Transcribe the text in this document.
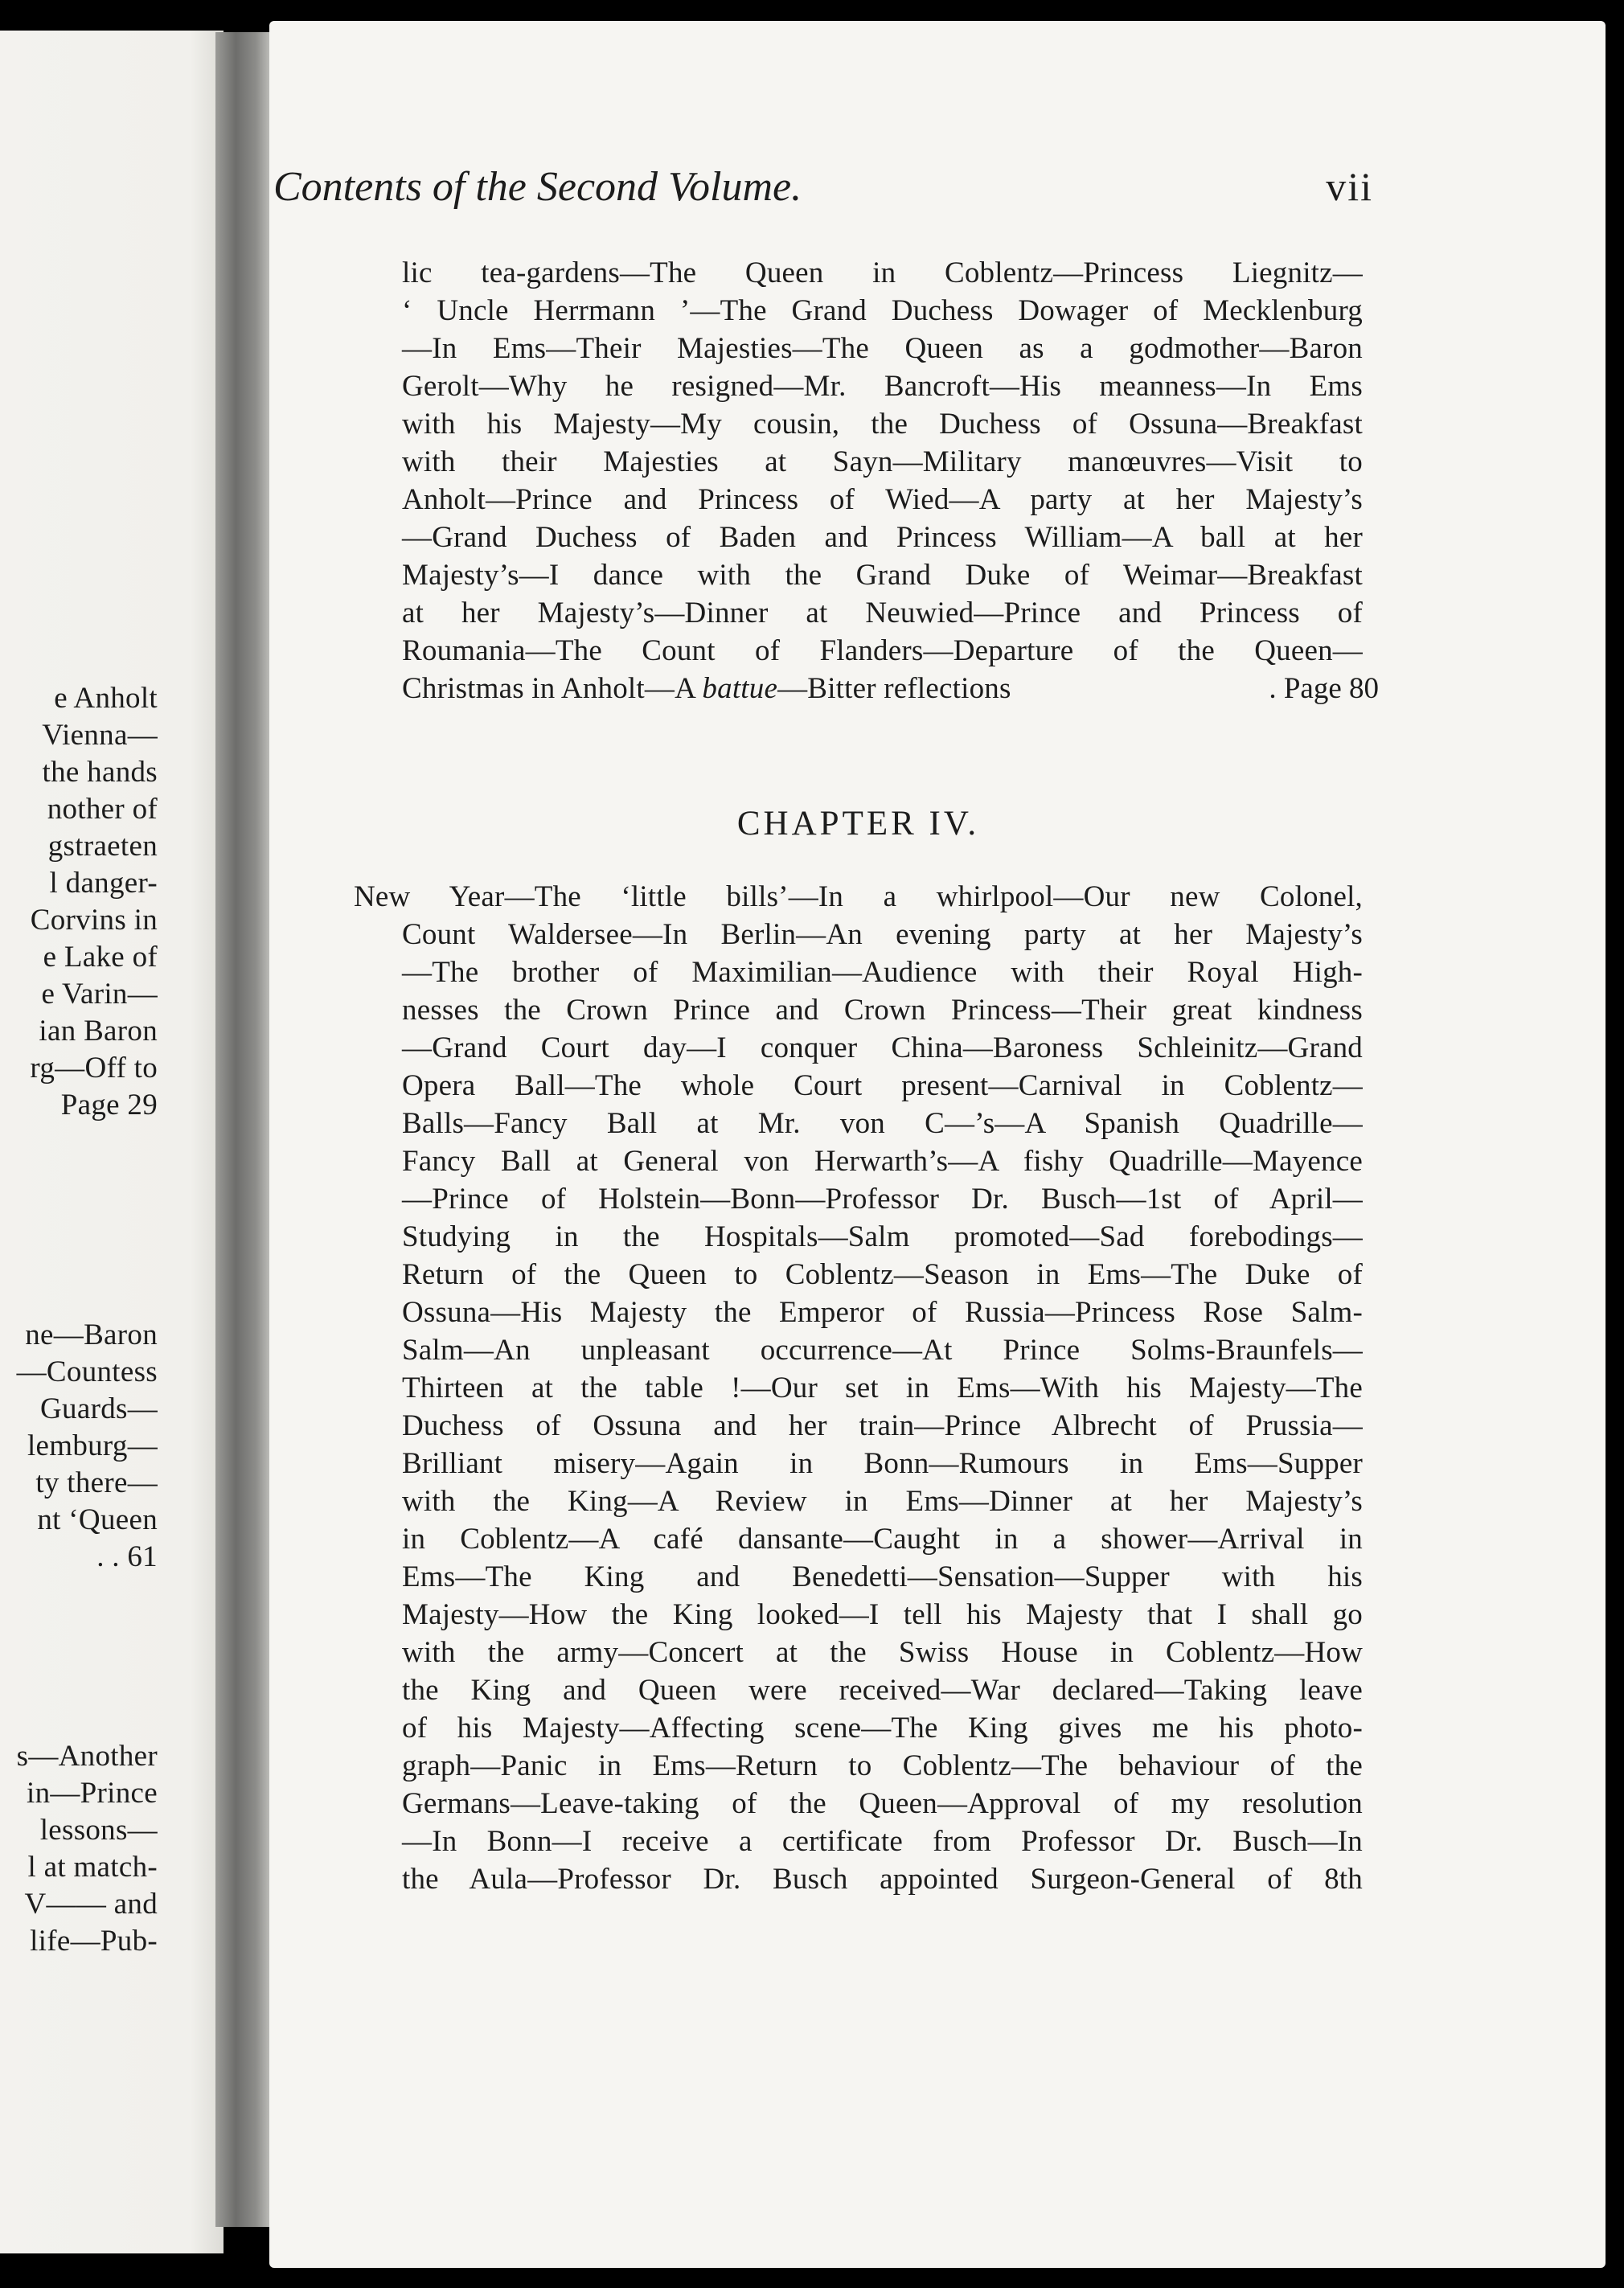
e Anholt
Vienna—
the hands
nother of
gstraeten
l danger-
Corvins in
e Lake of
e Varin—
ian Baron
rg—Off to
Page 29
ne—Baron
—Countess
Guards—
lemburg—
ty there—
nt ‘Queen
. . 61
s—Another
in—Prince
lessons—
l at match-
V—— and
life—Pub-
Contents of the Second Volume.	vii
lic tea-gardens—The Queen in Coblentz—Princess Liegnitz—
‘ Uncle Herrmann ’—The Grand Duchess Dowager of Mecklenburg
—In Ems—Their Majesties—The Queen as a godmother—Baron
Gerolt—Why he resigned—Mr. Bancroft—His meanness—In Ems
with his Majesty—My cousin, the Duchess of Ossuna—Breakfast
with their Majesties at Sayn—Military manœuvres—Visit to
Anholt—Prince and Princess of Wied—A party at her Majesty’s
—Grand Duchess of Baden and Princess William—A ball at her
Majesty’s—I dance with the Grand Duke of Weimar—Breakfast
at her Majesty’s—Dinner at Neuwied—Prince and Princess of
Roumania—The Count of Flanders—Departure of the Queen—
Christmas in Anholt—A battue—Bitter reflections	. Page 80
CHAPTER IV.
New Year—The ‘little bills’—In a whirlpool—Our new Colonel,
Count Waldersee—In Berlin—An evening party at her Majesty’s
—The brother of Maximilian—Audience with their Royal High-
nesses the Crown Prince and Crown Princess—Their great kindness
—Grand Court day—I conquer China—Baroness Schleinitz—Grand
Opera Ball—The whole Court present—Carnival in Coblentz—
Balls—Fancy Ball at Mr. von C—’s—A Spanish Quadrille—
Fancy Ball at General von Herwarth’s—A fishy Quadrille—Mayence
—Prince of Holstein—Bonn—Professor Dr. Busch—1st of April—
Studying in the Hospitals—Salm promoted—Sad forebodings—
Return of the Queen to Coblentz—Season in Ems—The Duke of
Ossuna—His Majesty the Emperor of Russia—Princess Rose Salm-
Salm—An unpleasant occurrence—At Prince Solms-Braunfels—
Thirteen at the table !—Our set in Ems—With his Majesty—The
Duchess of Ossuna and her train—Prince Albrecht of Prussia—
Brilliant misery—Again in Bonn—Rumours in Ems—Supper
with the King—A Review in Ems—Dinner at her Majesty’s
in Coblentz—A café dansante—Caught in a shower—Arrival in
Ems—The King and Benedetti—Sensation—Supper with his
Majesty—How the King looked—I tell his Majesty that I shall go
with the army—Concert at the Swiss House in Coblentz—How
the King and Queen were received—War declared—Taking leave
of his Majesty—Affecting scene—The King gives me his photo-
graph—Panic in Ems—Return to Coblentz—The behaviour of the
Germans—Leave-taking of the Queen—Approval of my resolution
—In Bonn—I receive a certificate from Professor Dr. Busch—In
the Aula—Professor Dr. Busch appointed Surgeon-General of 8th
